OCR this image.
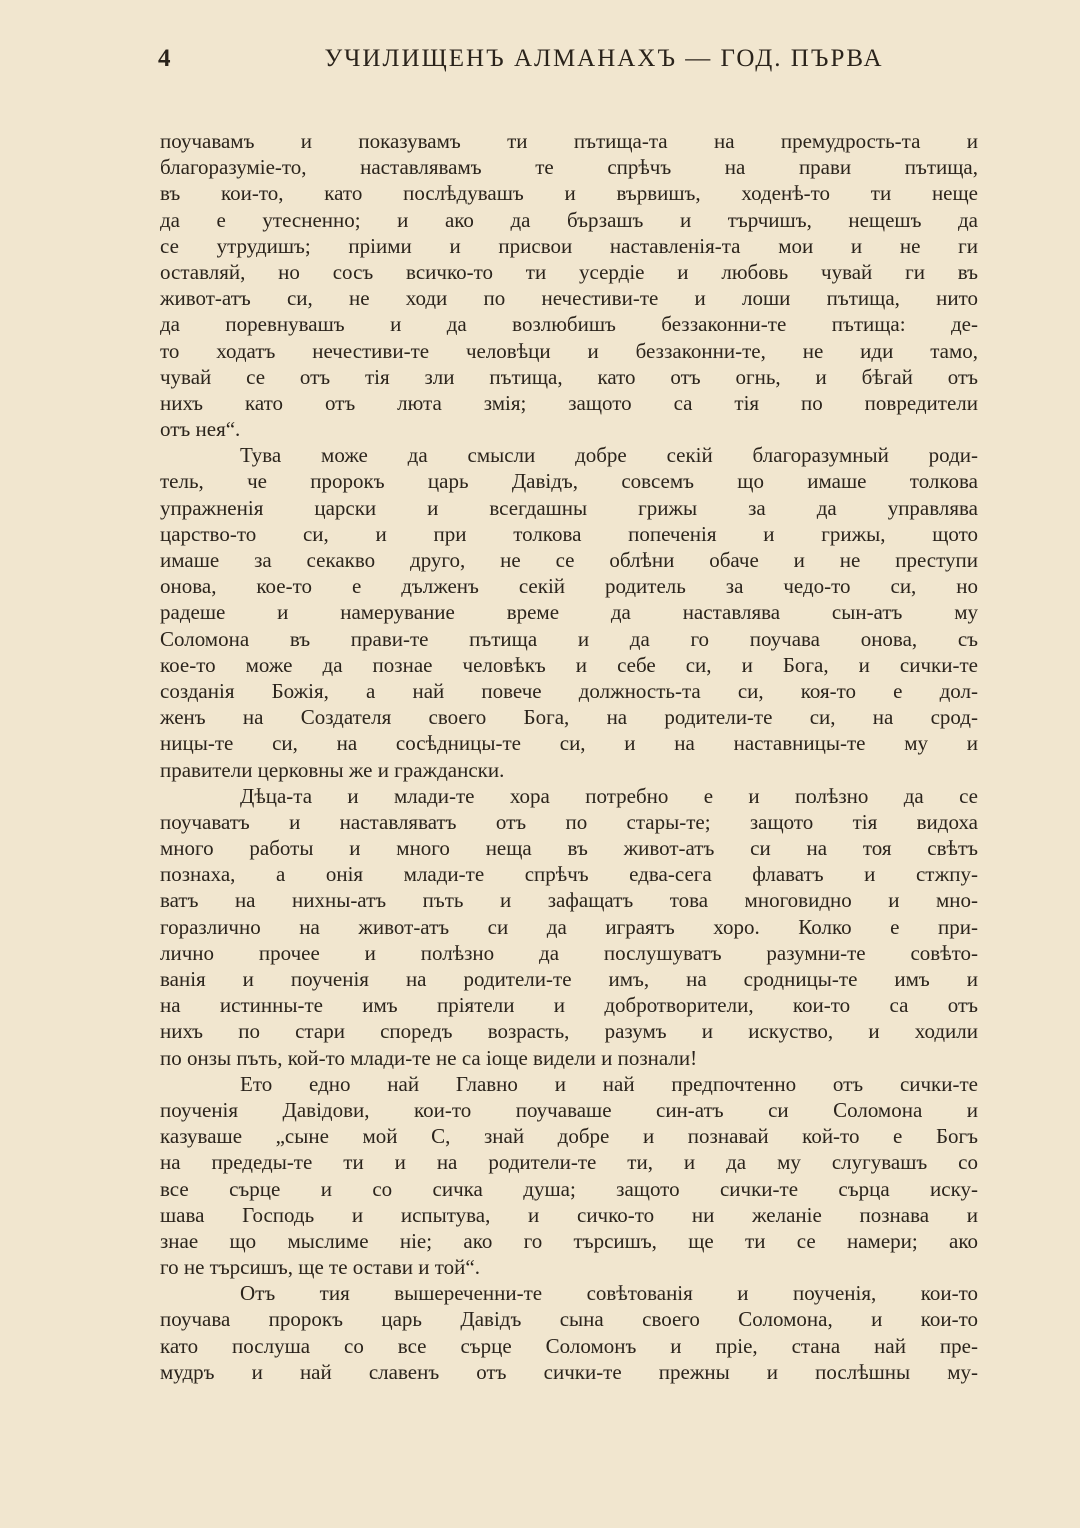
4	УЧИЛИЩЕНЪ АЛМАНАХЪ — ГОД. ПЪРВА
поучавамъ и показувамъ ти пътища-та на премудрость-та и
благоразуміе-то, наставлявамъ те спрѣчъ на прави пътища,
въ кои-то, като послѣдувашъ и вървишъ, ходенѣ-то ти неще
да е утесненно; и ако да бързашъ и търчишъ, нещешъ да
се утрудишъ; пріими и присвои наставленія-та мои и не ги
оставляй, но сосъ всичко-то ти усердіе и любовь чувай ги въ
живот-атъ си, не ходи по нечестиви-те и лоши пътища, нито
да поревнувашъ и да возлюбишъ беззаконни-те пътища: де-
то ходатъ нечестиви-те человѣци и беззаконни-те, не иди тамо,
чувай се отъ тія зли пътища, като отъ огнь, и бѣгай отъ
нихъ като отъ люта змія; защото са тія по повредители
отъ нея“.
Тува може да смысли добре секій благоразумный роди-
тель, че пророкъ царь Давідъ, совсемъ що имаше толкова
упражненія царски и всегдашны грижы за да управлява
царство-то си, и при толкова попеченія и грижы, щото
имаше за секакво друго, не се облѣни обаче и не преступи
онова, кое-то е дълженъ секій родитель за чедо-то си, но
радеше и намерувание време да наставлява сын-атъ му
Соломона въ прави-те пътища и да го поучава онова, съ
кое-то може да познае человѣкъ и себе си, и Бога, и сички-те
созданія Божія, а най повече должность-та си, коя-то е дол-
женъ на Создателя своего Бога, на родители-те си, на срод-
ницы-те си, на сосѣдницы-те си, и на наставницы-те му и
правители церковны же и граждански.
Дѣца-та и млади-те хора потребно е и полѣзно да се
поучаватъ и наставляватъ отъ по стары-те; защото тія видоха
много работы и много неща въ живот-атъ си на тоя свѣтъ
познаха, а онія млади-те спрѣчъ едва-сега флаватъ и стжпу-
ватъ на нихны-атъ пъть и зафащатъ това многовидно и мно-
горазлично на живот-атъ си да играятъ хоро. Колко е при-
лично прочее и полѣзно да послушуватъ разумни-те совѣто-
ванія и поученія на родители-те имъ, на сродницы-те имъ и
на истинны-те имъ пріятели и добротворители, кои-то са отъ
нихъ по стари спорeдъ возрасть, разумъ и искуство, и ходили
по онзы пъть, кой-то млади-те не са іоще видели и познали!
Ето едно най Главно и най предпочтенно отъ сички-те
поученія Давідови, кои-то поучаваше син-атъ си Соломона и
казуваше „сыне мой С, знай добре и познавай кой-то е Богъ
на предеды-те ти и на родители-те ти, и да му слугувашъ со
все сърце и со сичка душа; защото сички-те сърца иску-
шава Господь и испытува, и сичко-то ни желаніе познава и
знае що мыслиме ніе; ако го търсишъ, ще ти се намери; ако
го не търсишъ, ще те остави и той“.
Отъ тия вышереченни-те совѣтованія и поученія, кои-то
поучава пророкъ царь Давідъ сына своего Соломона, и кои-то
като послуша со все сърце Соломонъ и пріе, стана най пре-
мудръ и най славенъ отъ сички-те прежны и послѣшны му-
